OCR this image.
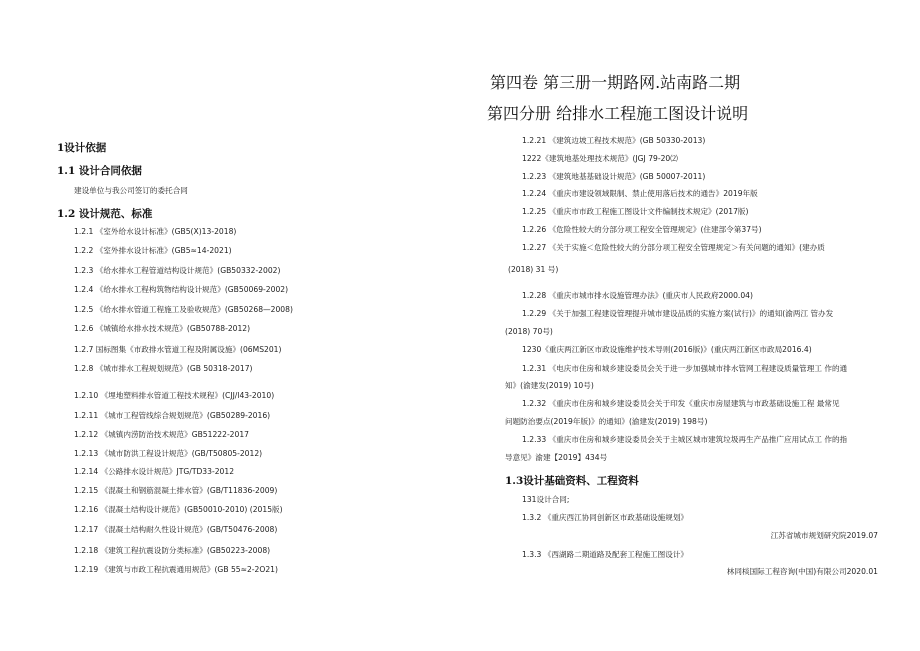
第四卷 第三册一期路网.站南路二期
第四分册 给排水工程施工图设计说明
1设计依据
1.1 设计合同依据
建设单位与我公司签订的委托合同
1.2 设计规范、标准
1.2.1 《室外给水设计标准》(GB5(X)13-2018)
1.2.2 《室外排水设计标准》(GB5≈14-2021)
1.2.3 《给水排水工程管道结构设计规范》(GB50332-2002)
1.2.4 《给水排水工程构筑物结构设计规范》(GB50069-2002)
1.2.5 《给水排水管道工程施工及验收规范》(GB50268—2008)
1.2.6 《城镇给水排水技术规范》(GB50788-2012)
1.2.7 国标图集《市政排水管道工程及附属设施》(06MS201)
1.2.8 《城市排水工程规划规范》(GB 50318-2017)
1.2.10 《埋地塑料排水管道工程技术规程》(CJJ/l43-2010)
1.2.11 《城市工程管线综合规划规范》(GB50289-2016)
1.2.12 《城镇内涝防治技术规范》GB51222-2017
1.2.13 《城市防洪工程设计规范》(GB/T50805-2012)
1.2.14 《公路排水设计规范》JTG/TD33-2012
1.2.15 《混凝土和钢筋混凝土排水管》(GB/T11836-2009)
1.2.16 《混凝土结构设计规范》(GB50010-2010) (2015版)
1.2.17 《混凝土结构耐久性设计规范》(GB/T50476-2008)
1.2.18 《建筑工程抗震设防分类标准》(GB50223-2008)
1.2.19 《建筑与市政工程抗震通用规范》(GB 55≈2-2O21)
1.2.21 《建筑边坡工程技术规范》(GB 50330-2013)
1222《建筑地基处理技术规范》(JGJ 79-20⑵
1.2.23 《建筑地基基础设计规范》(GB 50007-2011)
1.2.24 《重庆市建设领域限制、禁止使用落后技术的通告》2019年版
1.2.25 《重庆市市政工程施工图设计文件编制技术规定》(2017版)
1.2.26 《危险性较大的分部分项工程安全管理规定》(住建部令第37号)
1.2.27 《关于实施＜危险性较大的分部分项工程安全管理规定＞有关问题的通知》(建办质
(2018) 31 号)
1.2.28 《重庆市城市排水设施管理办法》(重庆市人民政府2000.04)
1.2.29 《关于加强工程建设管理提升城市建设品质的实施方案(试行)》的通知(渝两江 管办发
(2018) 70号)
1230《重庆两江新区市政设施维护技术导则(2016版)》(重庆两江新区市政局2016.4)
1.2.31 《电庆市住房和城乡建设委员会关于进一步加强城市排水管网工程建设质量管理工 作的通
知》(渝建发(2019) 10号)
1.2.32 《重庆市住房和城乡建设委员会关于印发《重庆市房屋建筑与市政基础设施工程 最常见
问题防治要点(2019年版)》的通知》(渝建发(2019) 198号)
1.2.33 《重庆市住房和城乡建设委员会关于主城区城市建筑垃圾再生产品推广应用试点工 作的指
导意见》渝建【2019】434号
1.3设计基础资料、工程资料
131设计合同;
1.3.2 《重庆西江协同创新区市政基础设施规划》
江苏省城市规划研究院2019.07
1.3.3 《西湖路二期道路及配套工程施工图设计》
林同棪国际工程咨询(中国)有限公司2020.01
